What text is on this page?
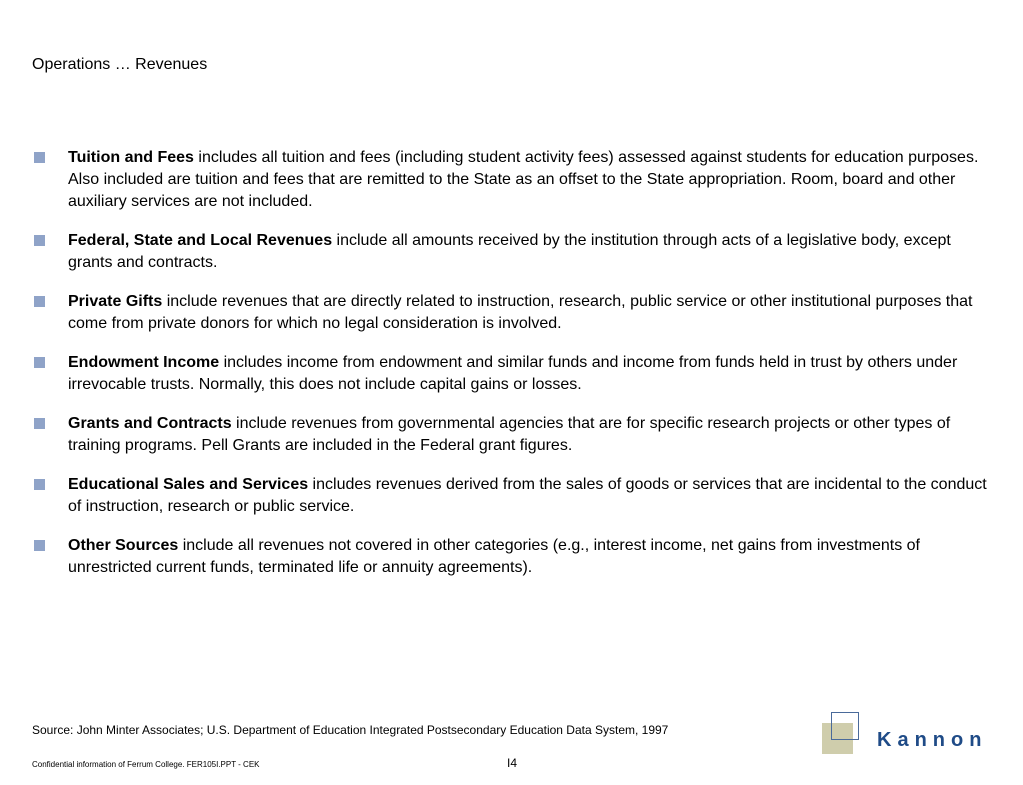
Operations … Revenues
Tuition and Fees includes all tuition and fees (including student activity fees) assessed against students for education purposes. Also included are tuition and fees that are remitted to the State as an offset to the State appropriation. Room, board and other auxiliary services are not included.
Federal, State and Local Revenues include all amounts received by the institution through acts of a legislative body, except grants and contracts.
Private Gifts include revenues that are directly related to instruction, research, public service or other institutional purposes that come from private donors for which no legal consideration is involved.
Endowment Income includes income from endowment and similar funds and income from funds held in trust by others under irrevocable trusts. Normally, this does not include capital gains or losses.
Grants and Contracts include revenues from governmental agencies that are for specific research projects or other types of training programs. Pell Grants are included in the Federal grant figures.
Educational Sales and Services includes revenues derived from the sales of goods or services that are incidental to the conduct of instruction, research or public service.
Other Sources include all revenues not covered in other categories (e.g., interest income, net gains from investments of unrestricted current funds, terminated life or annuity agreements).
Source: John Minter Associates; U.S. Department of Education Integrated Postsecondary Education Data System, 1997
Confidential information of Ferrum College. FER105I.PPT - CEK	I4
Kannon
